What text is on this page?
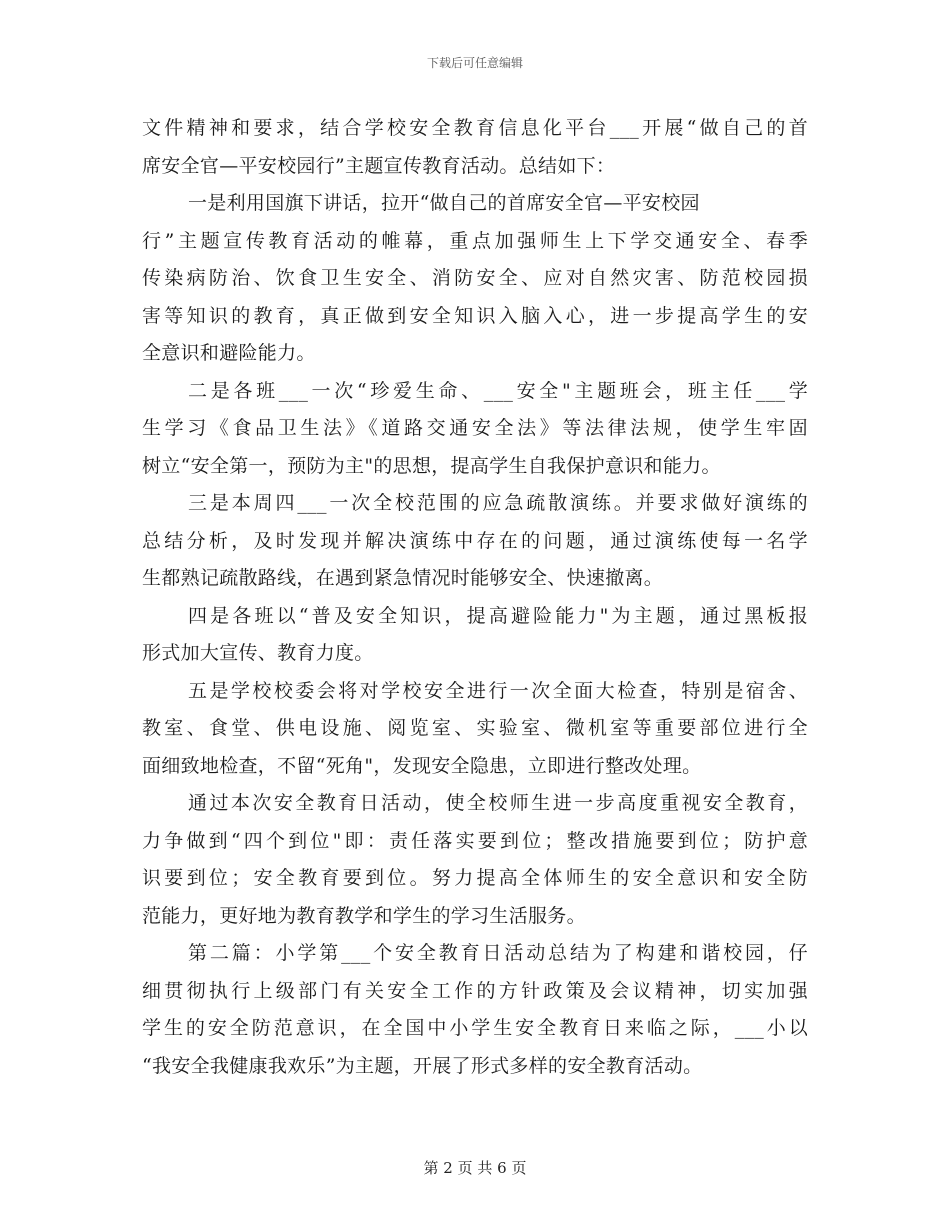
下载后可任意编辑
文件精神和要求，结合学校安全教育信息化平台___开展“做自己的首
席安全官—平安校园行”主题宣传教育活动。总结如下：
一是利用国旗下讲话，拉开“做自己的首席安全官—平安校园
行”主题宣传教育活动的帷幕，重点加强师生上下学交通安全、春季
传染病防治、饮食卫生安全、消防安全、应对自然灾害、防范校园损
害等知识的教育，真正做到安全知识入脑入心，进一步提高学生的安
全意识和避险能力。
二是各班___一次“珍爱生命、___安全"主题班会，班主任___学
生学习《食品卫生法》《道路交通安全法》等法律法规，使学生牢固
树立“安全第一，预防为主"的思想，提高学生自我保护意识和能力。
三是本周四___一次全校范围的应急疏散演练。并要求做好演练的
总结分析，及时发现并解决演练中存在的问题，通过演练使每一名学
生都熟记疏散路线，在遇到紧急情况时能够安全、快速撤离。
四是各班以“普及安全知识，提高避险能力"为主题，通过黑板报
形式加大宣传、教育力度。
五是学校校委会将对学校安全进行一次全面大检查，特别是宿舍、
教室、食堂、供电设施、阅览室、实验室、微机室等重要部位进行全
面细致地检查，不留“死角"，发现安全隐患，立即进行整改处理。
通过本次安全教育日活动，使全校师生进一步高度重视安全教育，
力争做到“四个到位"即：责任落实要到位；整改措施要到位；防护意
识要到位；安全教育要到位。努力提高全体师生的安全意识和安全防
范能力，更好地为教育教学和学生的学习生活服务。
第二篇：小学第___个安全教育日活动总结为了构建和谐校园，仔
细贯彻执行上级部门有关安全工作的方针政策及会议精神，切实加强
学生的安全防范意识，在全国中小学生安全教育日来临之际，___小以
“我安全我健康我欢乐”为主题，开展了形式多样的安全教育活动。
第 2 页 共 6 页
